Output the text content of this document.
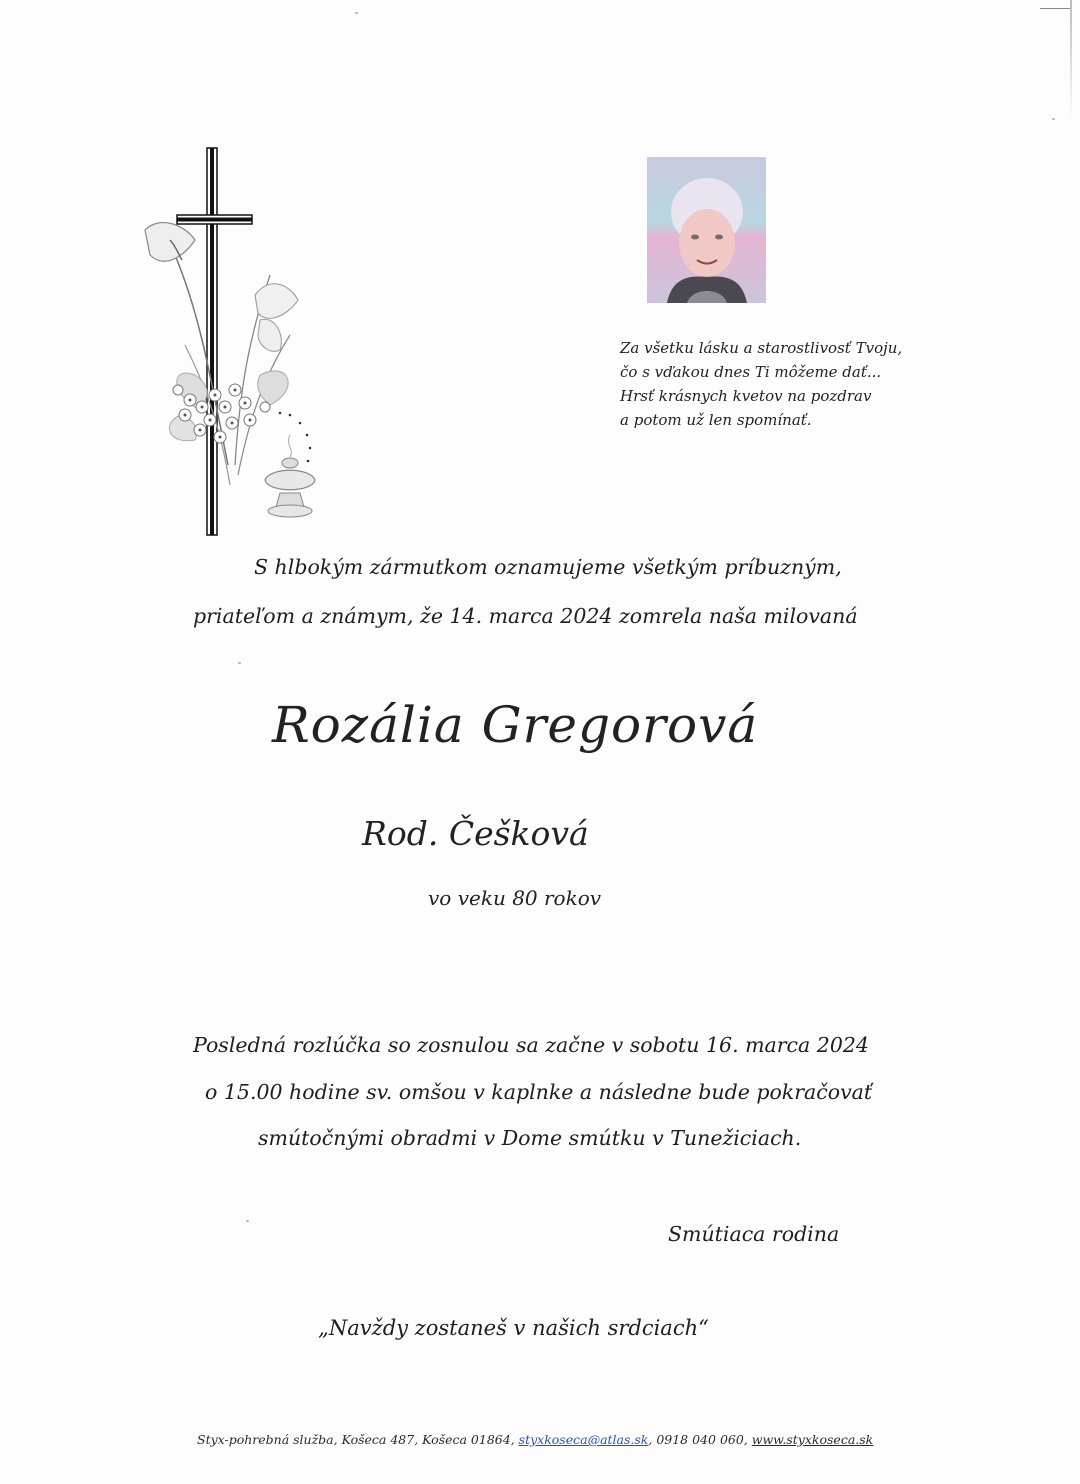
Za všetku lásku a starostlivosť Tvoju,
čo s vďakou dnes Ti môžeme dať...
Hrsť krásnych kvetov na pozdrav
a potom už len spomínať.
S hlbokým zármutkom oznamujeme všetkým príbuzným,
priateľom a známym, že 14. marca 2024 zomrela naša milovaná
Rozália Gregorová
Rod. Češková
vo veku 80 rokov
Posledná rozlúčka so zosnulou sa začne v sobotu 16. marca 2024
o 15.00 hodine sv. omšou v kaplnke a následne bude pokračovať
smútočnými obradmi v Dome smútku v Tunežiciach.
Smútiaca rodina
„Navždy zostaneš v našich srdciach“
Styx-pohrebná služba, Košeca 487, Košeca 01864, styxkoseca@atlas.sk, 0918 040 060, www.styxkoseca.sk
